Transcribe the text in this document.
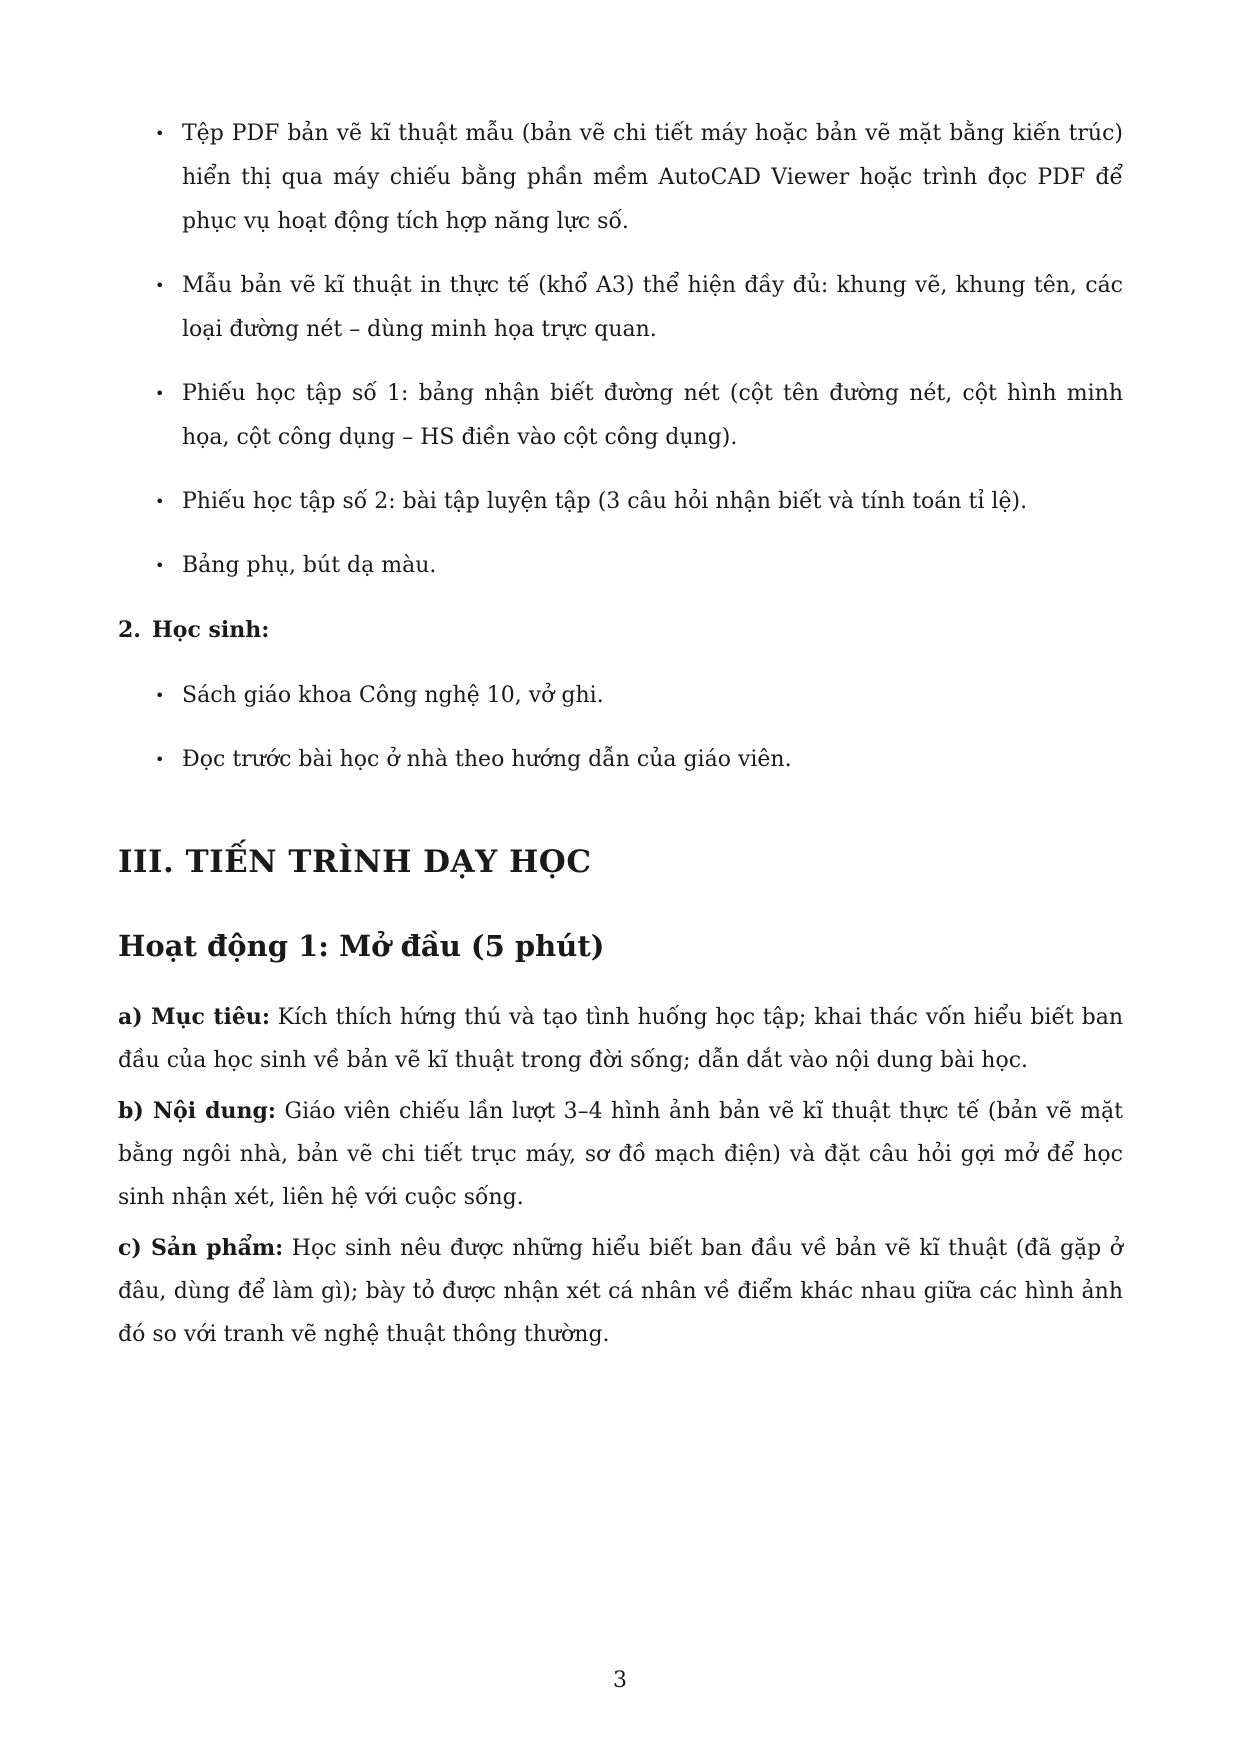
• Tệp PDF bản vẽ kĩ thuật mẫu (bản vẽ chi tiết máy hoặc bản vẽ mặt bằng kiến trúc) hiển thị qua máy chiếu bằng phần mềm AutoCAD Viewer hoặc trình đọc PDF để phục vụ hoạt động tích hợp năng lực số.
• Mẫu bản vẽ kĩ thuật in thực tế (khổ A3) thể hiện đầy đủ: khung vẽ, khung tên, các loại đường nét – dùng minh họa trực quan.
• Phiếu học tập số 1: bảng nhận biết đường nét (cột tên đường nét, cột hình minh họa, cột công dụng – HS điền vào cột công dụng).
• Phiếu học tập số 2: bài tập luyện tập (3 câu hỏi nhận biết và tính toán tỉ lệ).
• Bảng phụ, bút dạ màu.
2. Học sinh:
• Sách giáo khoa Công nghệ 10, vở ghi.
• Đọc trước bài học ở nhà theo hướng dẫn của giáo viên.
III. TIẾN TRÌNH DẠY HỌC
Hoạt động 1: Mở đầu (5 phút)

a) Mục tiêu: Kích thích hứng thú và tạo tình huống học tập; khai thác vốn hiểu biết ban đầu của học sinh về bản vẽ kĩ thuật trong đời sống; dẫn dắt vào nội dung bài học.

b) Nội dung: Giáo viên chiếu lần lượt 3–4 hình ảnh bản vẽ kĩ thuật thực tế (bản vẽ mặt bằng ngôi nhà, bản vẽ chi tiết trục máy, sơ đồ mạch điện) và đặt câu hỏi gợi mở để học sinh nhận xét, liên hệ với cuộc sống.

c) Sản phẩm: Học sinh nêu được những hiểu biết ban đầu về bản vẽ kĩ thuật (đã gặp ở đâu, dùng để làm gì); bày tỏ được nhận xét cá nhân về điểm khác nhau giữa các hình ảnh đó so với tranh vẽ nghệ thuật thông thường.

3
